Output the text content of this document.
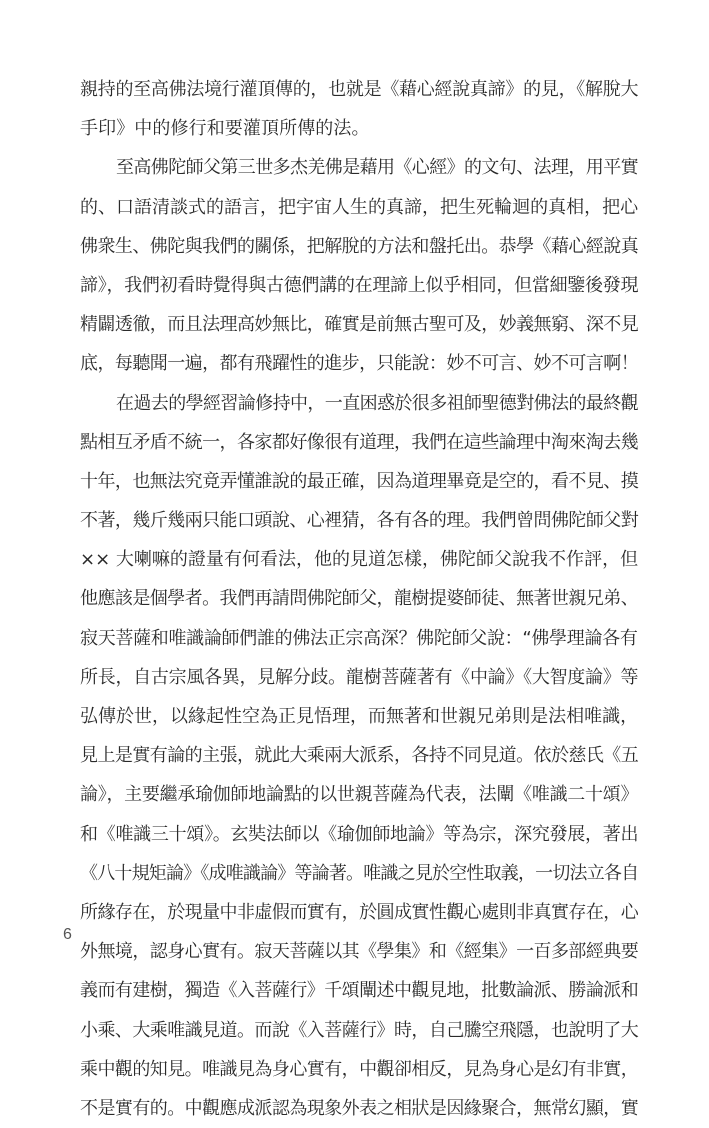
親持的至高佛法境行灌頂傳的，也就是《藉心經說真諦》的見，《解脫大
手印》中的修行和要灌頂所傳的法。
至高佛陀師父第三世多杰羌佛是藉用《心經》的文句、法理，用平實
的、口語清談式的語言，把宇宙人生的真諦，把生死輪迴的真相，把心
佛衆生、佛陀與我們的關係，把解脫的方法和盤托出。恭學《藉心經說真
諦》，我們初看時覺得與古德們講的在理諦上似乎相同，但當細鑒後發現
精闢透徹，而且法理高妙無比，確實是前無古聖可及，妙義無窮、深不見
底，每聽聞一遍，都有飛躍性的進步，只能說：妙不可言、妙不可言啊！
在過去的學經習論修持中，一直困惑於很多祖師聖德對佛法的最終觀
點相互矛盾不統一，各家都好像很有道理，我們在這些論理中淘來淘去幾
十年，也無法究竟弄懂誰說的最正確，因為道理畢竟是空的，看不見、摸
不著，幾斤幾兩只能口頭說、心裡猜，各有各的理。我們曾問佛陀師父對
×× 大喇嘛的證量有何看法，他的見道怎樣，佛陀師父說我不作評，但
他應該是個學者。我們再請問佛陀師父，龍樹提婆師徒、無著世親兄弟、
寂天菩薩和唯識論師們誰的佛法正宗高深？佛陀師父說：“佛學理論各有
所長，自古宗風各異，見解分歧。龍樹菩薩著有《中論》《大智度論》等
弘傳於世，以緣起性空為正見悟理，而無著和世親兄弟則是法相唯識，
見上是實有論的主張，就此大乘兩大派系，各持不同見道。依於慈氏《五
論》，主要繼承瑜伽師地論點的以世親菩薩為代表，法闡《唯識二十頌》
和《唯識三十頌》。玄奘法師以《瑜伽師地論》等為宗，深究發展，著出
《八十規矩論》《成唯識論》等論著。唯識之見於空性取義，一切法立各自
所緣存在，於現量中非虛假而實有，於圓成實性觀心處則非真實存在，心
外無境，認身心實有。寂天菩薩以其《學集》和《經集》一百多部經典要
義而有建樹，獨造《入菩薩行》千頌闡述中觀見地，批數論派、勝論派和
小乘、大乘唯識見道。而說《入菩薩行》時，自己騰空飛隱，也說明了大
乘中觀的知見。唯識見為身心實有，中觀卻相反，見為身心是幻有非實，
不是實有的。中觀應成派認為現象外表之相狀是因緣聚合，無常幻顯，實
6
